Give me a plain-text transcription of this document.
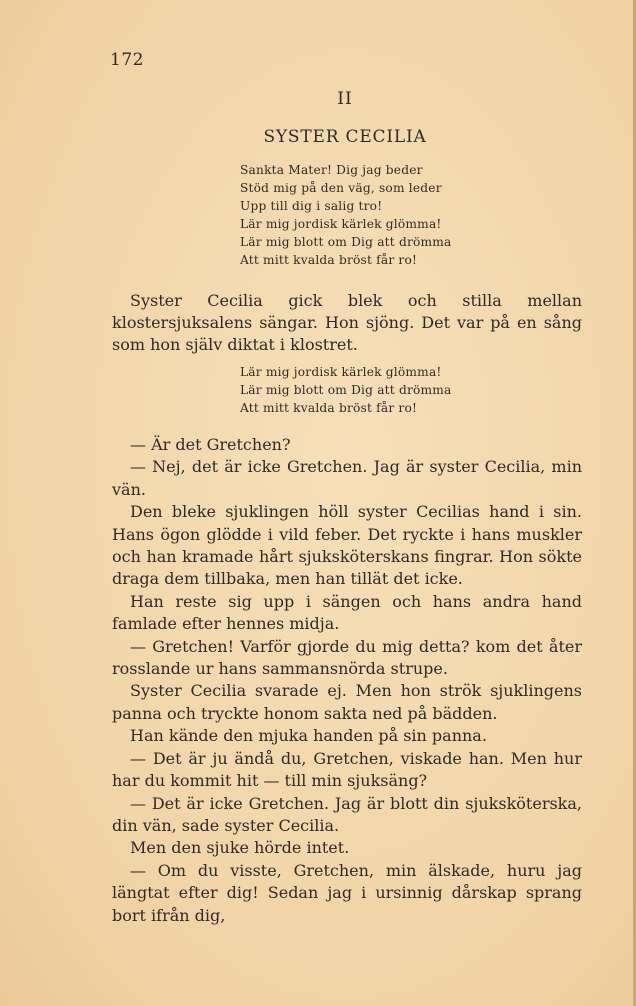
172
II
SYSTER CECILIA
Sankta Mater! Dig jag beder
Stöd mig på den väg, som leder
Upp till dig i salig tro!
Lär mig jordisk kärlek glömma!
Lär mig blott om Dig att drömma
Att mitt kvalda bröst får ro!
Syster Cecilia gick blek och stilla mellan klostersjuksalens sängar. Hon sjöng. Det var på en sång som hon själv diktat i klostret.
Lär mig jordisk kärlek glömma!
Lär mig blott om Dig att drömma
Att mitt kvalda bröst får ro!

— Är det Gretchen?

— Nej, det är icke Gretchen. Jag är syster Cecilia, min vän.

Den bleke sjuklingen höll syster Cecilias hand i sin. Hans ögon glödde i vild feber. Det ryckte i hans muskler och han kramade hårt sjuksköterskans fingrar. Hon sökte draga dem tillbaka, men han tillät det icke.

Han reste sig upp i sängen och hans andra hand famlade efter hennes midja.

— Gretchen! Varför gjorde du mig detta? kom det åter rosslande ur hans sammansnörda strupe.

Syster Cecilia svarade ej. Men hon strök sjuklingens panna och tryckte honom sakta ned på bädden.

Han kände den mjuka handen på sin panna.

— Det är ju ändå du, Gretchen, viskade han. Men hur har du kommit hit — till min sjuksäng?

— Det är icke Gretchen. Jag är blott din sjuksköterska, din vän, sade syster Cecilia.

Men den sjuke hörde intet.

— Om du visste, Gretchen, min älskade, huru jag längtat efter dig! Sedan jag i ursinnig dårskap sprang bort ifrån dig,
